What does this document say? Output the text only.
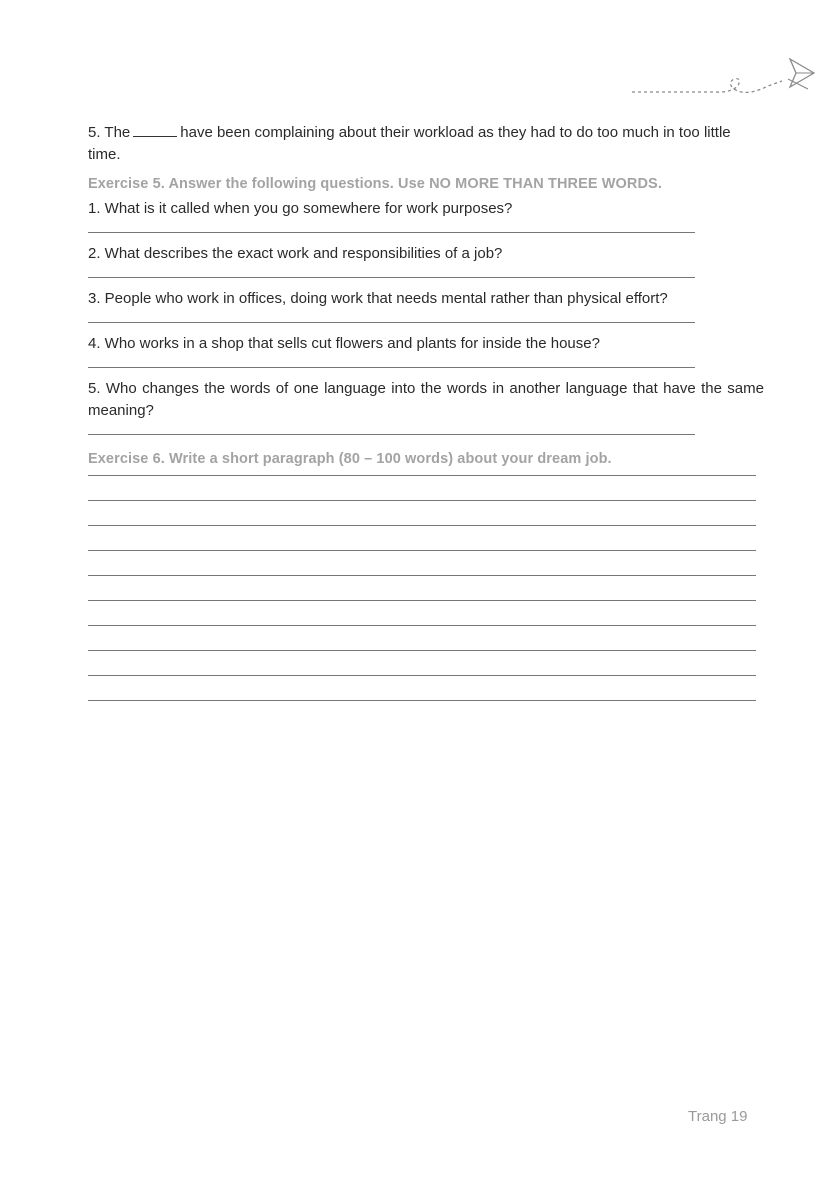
5. The	have been complaining about their workload as they had to do too much in too little time.

Exercise 5. Answer the following questions. Use NO MORE THAN THREE WORDS.

1. What is it called when you go somewhere for work purposes?

2. What describes the exact work and responsibilities of a job?

3. People who work in offices, doing work that needs mental rather than physical effort?

4. Who works in a shop that sells cut flowers and plants for inside the house?

5. Who changes the words of one language into the words in another language that have the same meaning?

Exercise 6. Write a short paragraph (80 – 100 words) about your dream job.
Trang 19
